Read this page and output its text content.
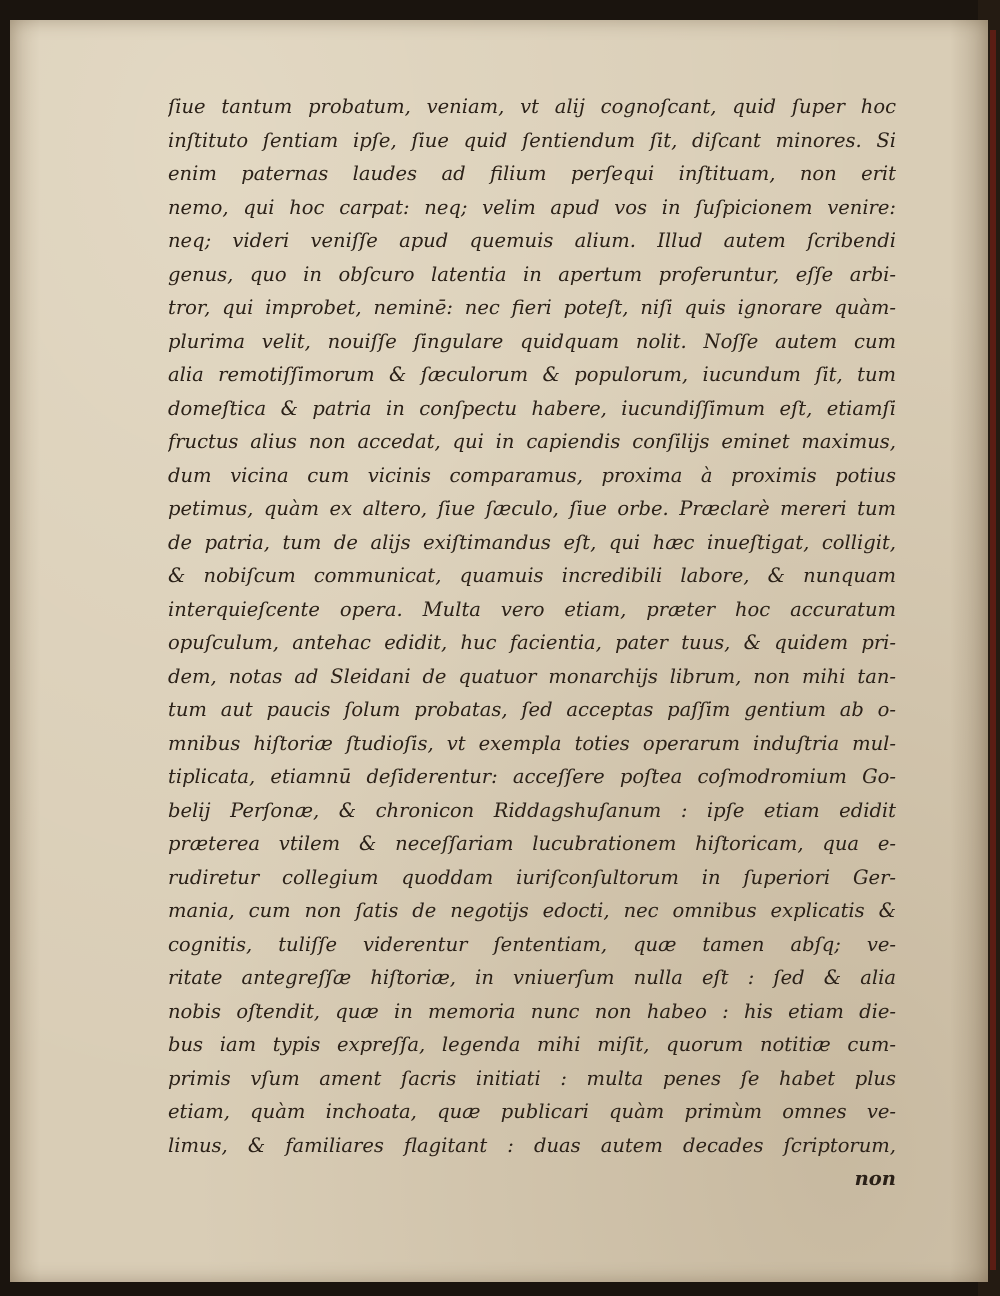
ſiue tantum probatum, veniam, vt alij cognoſcant, quid ſuper hoc
inſtituto ſentiam ipſe, ſiue quid ſentiendum ſit, diſcant minores. Si
enim paternas laudes ad filium perſequi inſtituam, non erit
nemo, qui hoc carpat: neq; velim apud vos in ſuſpicionem venire:
neq; videri veniſſe apud quemuis alium. Illud autem ſcribendi
genus, quo in obſcuro latentia in apertum proferuntur, eſſe arbi-
tror, qui improbet, neminē: nec fieri poteſt, niſi quis ignorare quàm-
plurima velit, nouiſſe ſingulare quidquam nolit. Noſſe autem cum
alia remotiſſimorum & ſæculorum & populorum, iucundum ſit, tum
domeſtica & patria in conſpectu habere, iucundiſſimum eſt, etiamſi
fructus alius non accedat, qui in capiendis conſilijs eminet maximus,
dum vicina cum vicinis comparamus, proxima à proximis potius
petimus, quàm ex altero, ſiue ſæculo, ſiue orbe. Præclarè mereri tum
de patria, tum de alijs exiſtimandus eſt, qui hæc inueſtigat, colligit,
& nobiſcum communicat, quamuis incredibili labore, & nunquam
interquieſcente opera. Multa vero etiam, præter hoc accuratum
opuſculum, antehac edidit, huc facientia, pater tuus, & quidem pri-
dem, notas ad Sleidani de quatuor monarchijs librum, non mihi tan-
tum aut paucis ſolum probatas, ſed acceptas paſſim gentium ab o-
mnibus hiſtoriæ ſtudioſis, vt exempla toties operarum induſtria mul-
tiplicata, etiamnū deſiderentur: acceſſere poſtea coſmodromium Go-
belij Perſonæ, & chronicon Riddagshuſanum : ipſe etiam edidit
præterea vtilem & neceſſariam lucubrationem hiſtoricam, qua e-
rudiretur collegium quoddam iuriſconſultorum in ſuperiori Ger-
mania, cum non ſatis de negotijs edocti, nec omnibus explicatis &
cognitis, tuliſſe viderentur ſententiam, quæ tamen abſq; ve-
ritate antegreſſæ hiſtoriæ, in vniuerſum nulla eſt : ſed & alia
nobis oſtendit, quæ in memoria nunc non habeo : his etiam die-
bus iam typis expreſſa, legenda mihi miſit, quorum notitiæ cum-
primis vſum ament ſacris initiati : multa penes ſe habet plus
etiam, quàm inchoata, quæ publicari quàm primùm omnes ve-
limus, & familiares flagitant : duas autem decades ſcriptorum,
non
